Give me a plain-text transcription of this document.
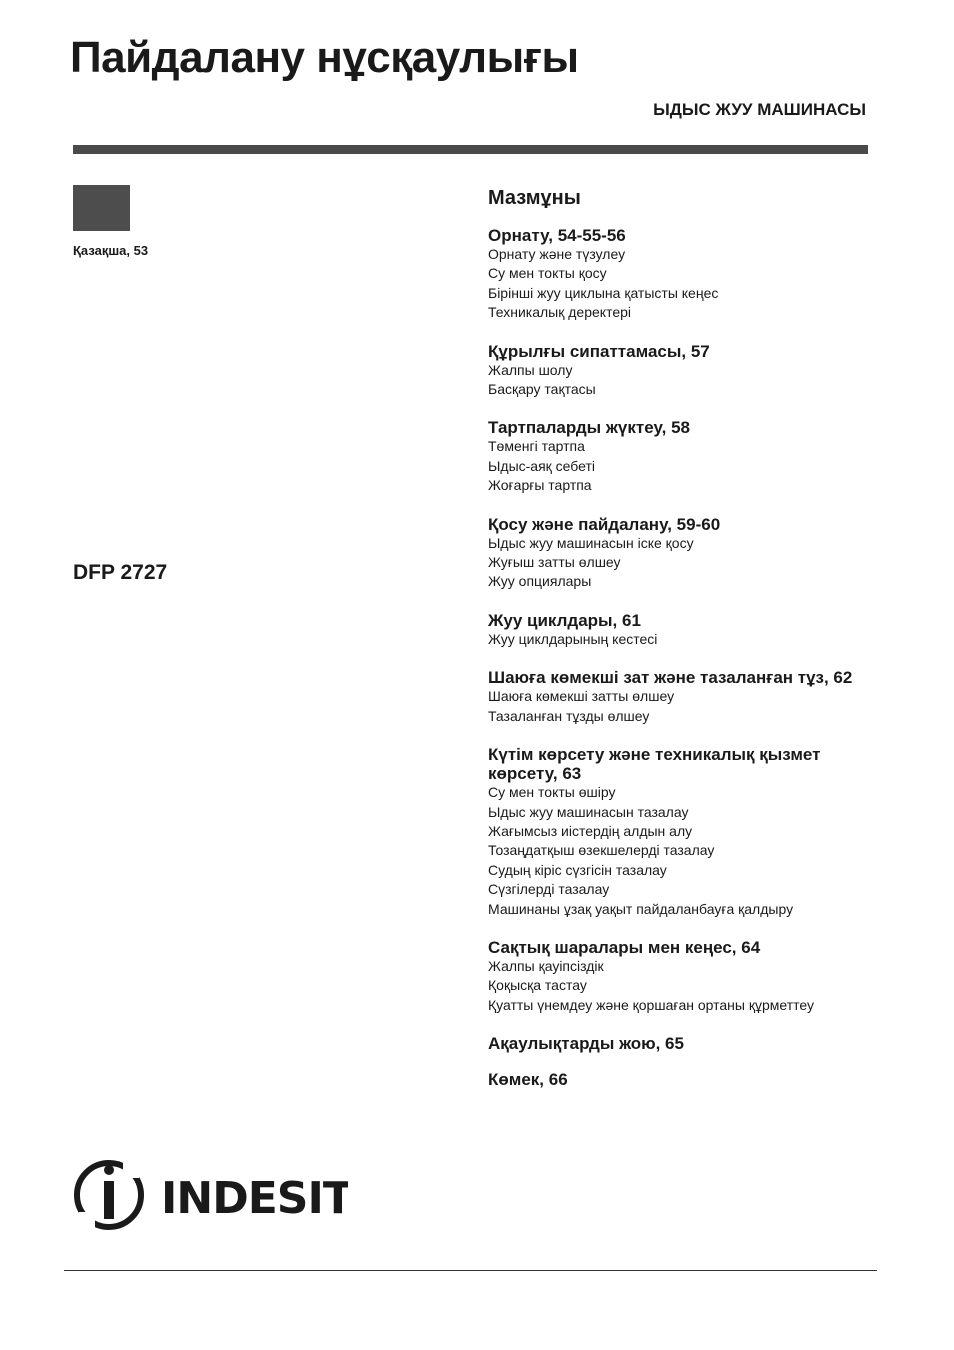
Пайдалану нұсқаулығы
ЫДЫС ЖУУ МАШИНАСЫ
Қазақша, 53
DFP 2727
Мазмұны
Орнату, 54-55-56
Орнату және түзулеу
Су мен токты қосу
Бірінші жуу циклына қатысты кеңес
Техникалық деректері
Құрылғы сипаттамасы, 57
Жалпы шолу
Басқару тақтасы
Тартпаларды жүктеу, 58
Төменгі тартпа
Ыдыс-аяқ себеті
Жоғарғы тартпа
Қосу және пайдалану, 59-60
Ыдыс жуу машинасын іске қосу
Жуғыш затты өлшеу
Жуу опциялары
Жуу циклдары, 61
Жуу циклдарының кестесі
Шаюға көмекші зат және тазаланған тұз, 62
Шаюға көмекші затты өлшеу
Тазаланған тұзды өлшеу
Күтім көрсету және техникалық қызмет көрсету, 63
Су мен токты өшіру
Ыдыс жуу машинасын тазалау
Жағымсыз иістердің алдын алу
Тозаңдатқыш өзекшелерді тазалау
Судың кіріс сүзгісін тазалау
Сүзгілерді тазалау
Машинаны ұзақ уақыт пайдаланбауға қалдыру
Сақтық шаралары мен кеңес, 64
Жалпы қауіпсіздік
Қоқысқа тастау
Қуатты үнемдеу және қоршаған ортаны құрметтеу
Ақаулықтарды жою, 65
Көмек, 66
INDESIT
